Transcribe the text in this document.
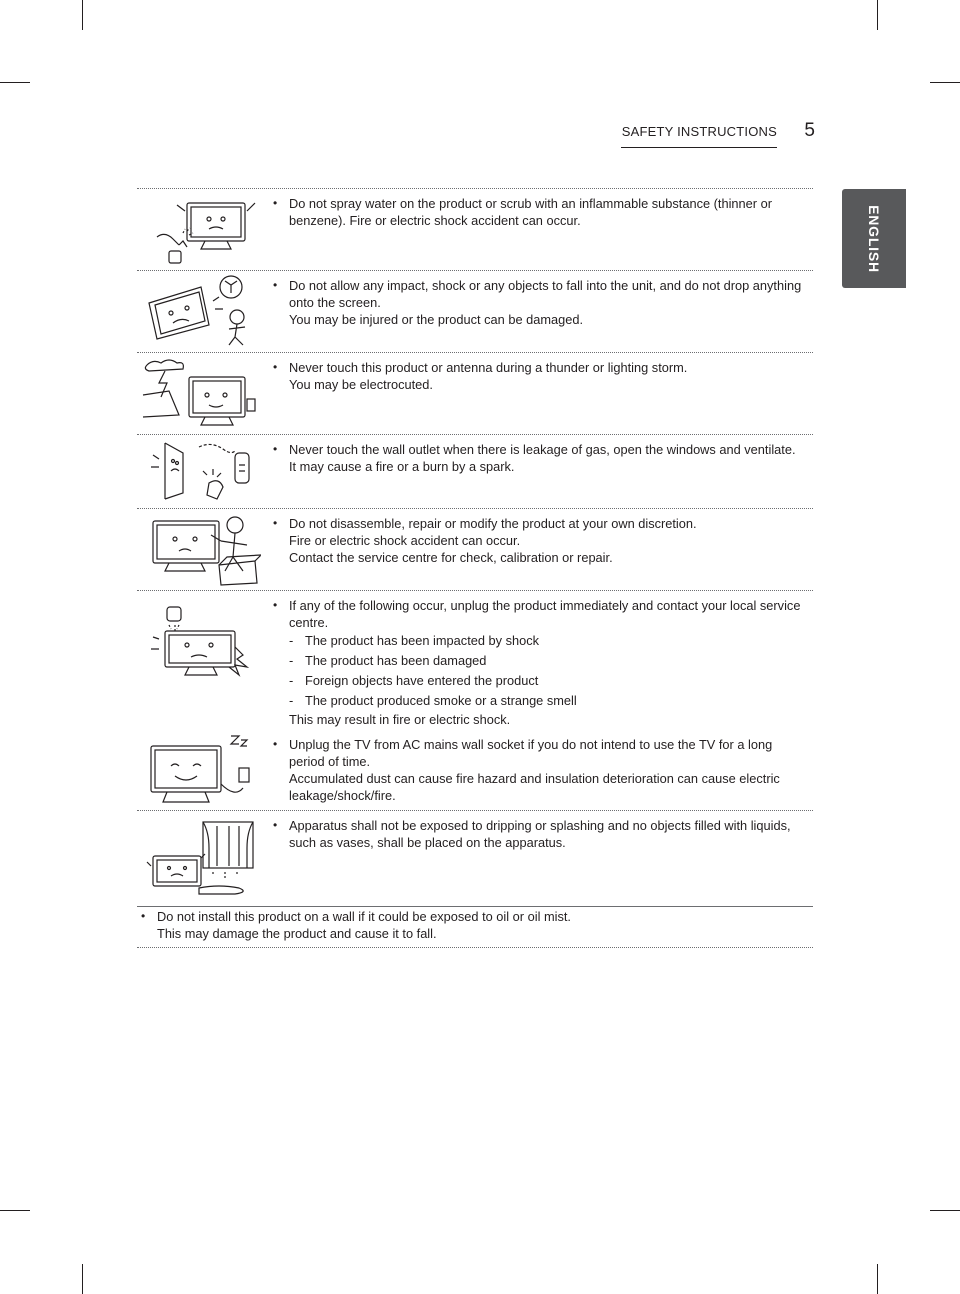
SAFETY INSTRUCTIONS 5
ENGLISH
• Do not spray water on the product or scrub with an inflammable substance (thinner or benzene). Fire or electric shock accident can occur.
• Do not allow any impact, shock or any objects to fall into the unit, and do not drop anything onto the screen.
You may be injured or the product can be damaged.
• Never touch this product or antenna during a thunder or lighting storm.
You may be electrocuted.
• Never touch the wall outlet when there is leakage of gas, open the windows and ventilate.
It may cause a fire or a burn by a spark.
• Do not disassemble, repair or modify the product at your own discretion.
Fire or electric shock accident can occur.
Contact the service centre for check, calibration or repair.
• If any of the following occur, unplug the product immediately and contact your local service centre.
- The product has been impacted by shock
- The product has been damaged
- Foreign objects have entered the product
- The product produced smoke or a strange smell
This may result in fire or electric shock.
• Unplug the TV from AC mains wall socket if you do not intend to use the TV for a long period of time.
Accumulated dust can cause fire hazard and insulation deterioration can cause electric leakage/shock/fire.
• Apparatus shall not be exposed to dripping or splashing and no objects filled with liquids, such as vases, shall be placed on the apparatus.
• Do not install this product on a wall if it could be exposed to oil or oil mist.
This may damage the product and cause it to fall.
